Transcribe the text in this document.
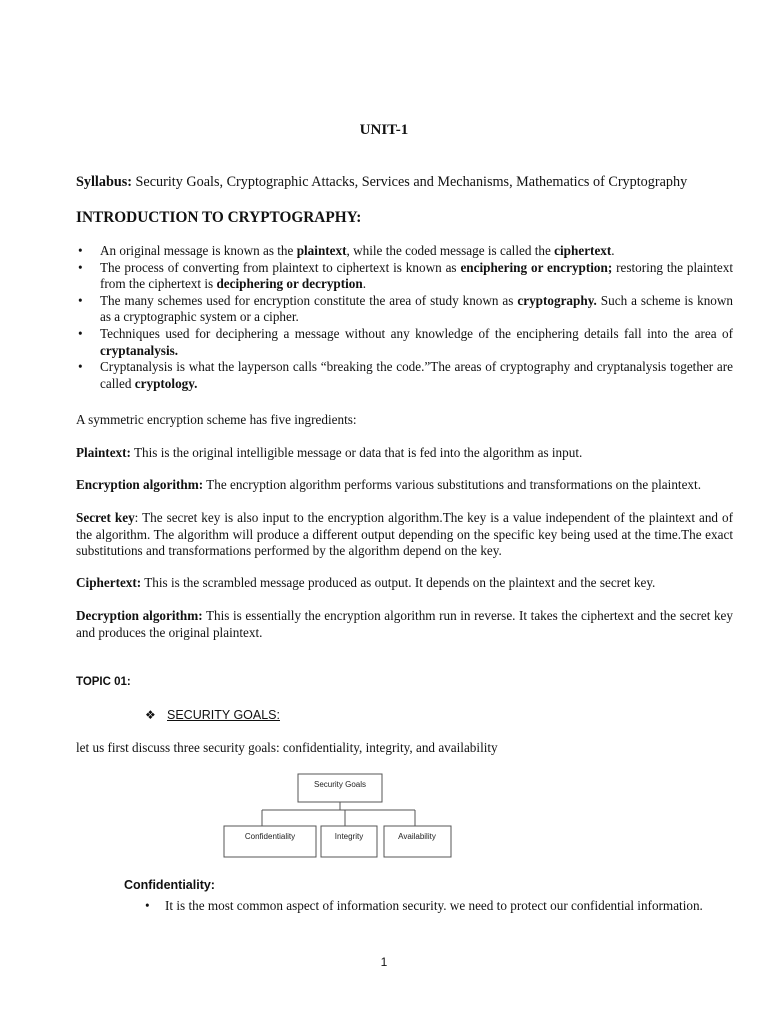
UNIT-1
Syllabus: Security Goals, Cryptographic Attacks, Services and Mechanisms, Mathematics of Cryptography
INTRODUCTION TO CRYPTOGRAPHY:
• An original message is known as the plaintext, while the coded message is called the ciphertext.
• The process of converting from plaintext to ciphertext is known as enciphering or encryption; restoring the plaintext from the ciphertext is deciphering or decryption.
• The many schemes used for encryption constitute the area of study known as cryptography. Such a scheme is known as a cryptographic system or a cipher.
• Techniques used for deciphering a message without any knowledge of the enciphering details fall into the area of cryptanalysis.
• Cryptanalysis is what the layperson calls “breaking the code.”The areas of cryptography and cryptanalysis together are called cryptology.

A symmetric encryption scheme has five ingredients:

Plaintext: This is the original intelligible message or data that is fed into the algorithm as input.

Encryption algorithm: The encryption algorithm performs various substitutions and transformations on the plaintext.

Secret key: The secret key is also input to the encryption algorithm.The key is a value independent of the plaintext and of the algorithm. The algorithm will produce a different output depending on the specific key being used at the time.The exact substitutions and transformations performed by the algorithm depend on the key.

Ciphertext: This is the scrambled message produced as output. It depends on the plaintext and the secret key.

Decryption algorithm: This is essentially the encryption algorithm run in reverse. It takes the ciphertext and the secret key and produces the original plaintext.

TOPIC 01:
❖ SECURITY GOALS:

let us first discuss three security goals: confidentiality, integrity, and availability

Security Goals
Confidentiality	Integrity	Availability
Confidentiality:
• It is the most common aspect of information security. we need to protect our confidential information.
1
